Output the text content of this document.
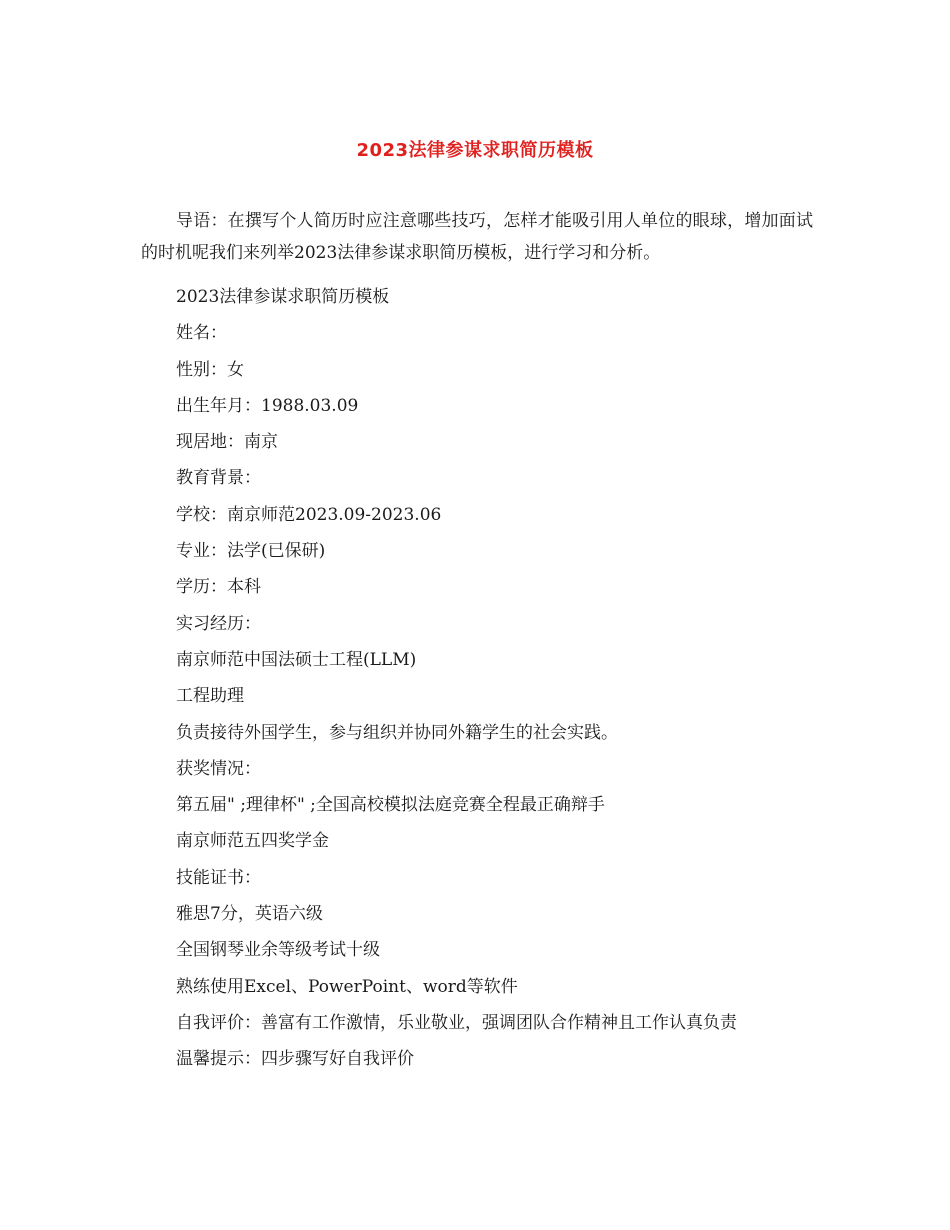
2023法律参谋求职简历模板
导语：在撰写个人简历时应注意哪些技巧，怎样才能吸引用人单位的眼球，增加面试的时机呢我们来列举2023法律参谋求职简历模板，进行学习和分析。
2023法律参谋求职简历模板
姓名：
性别：女
出生年月：1988.03.09
现居地：南京
教育背景：
学校：南京师范2023.09-2023.06
专业：法学(已保研)
学历：本科
实习经历：
南京师范中国法硕士工程(LLM)
工程助理
负责接待外国学生，参与组织并协同外籍学生的社会实践。
获奖情况：
第五届" ;理律杯" ;全国高校模拟法庭竞赛全程最正确辩手
南京师范五四奖学金
技能证书：
雅思7分，英语六级
全国钢琴业余等级考试十级
熟练使用Excel、PowerPoint、word等软件
自我评价：善富有工作激情，乐业敬业，强调团队合作精神且工作认真负责
温馨提示：四步骤写好自我评价
